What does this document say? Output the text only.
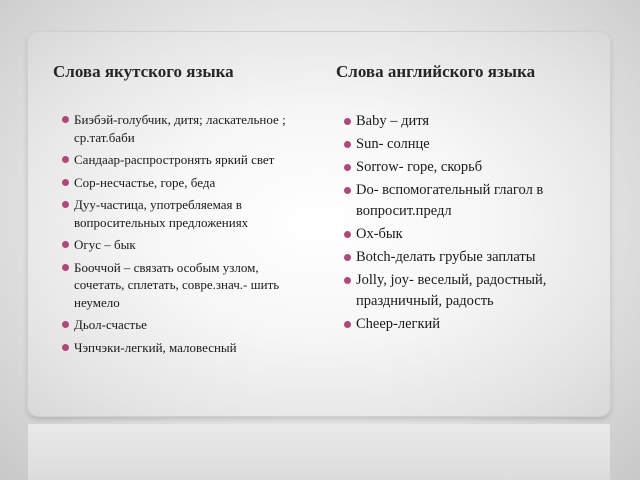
Слова якутского языка	Слова английского языка
Биэбэй-голубчик, дитя; ласкательное ; ср.тат.баби
Сандаар-распростронять яркий свет
Сор-несчастье, горе, беда
Дуу-частица, употребляемая в вопросительных предложениях
Огус – бык
Бооччой – связать особым узлом, сочетать, сплетать, совре.знач.- шить неумело
Дьол-счастье
Чэпчэки-легкий, маловесный
Baby – дитя
Sun- солнце
Sorrow- горе, скорьб
Do- вспомогательный глагол в вопросит.предл
Ox-бык
Botch-делать грубые заплаты
Jolly, joy- веселый, радостный, праздничный, радость
Cheep-легкий
